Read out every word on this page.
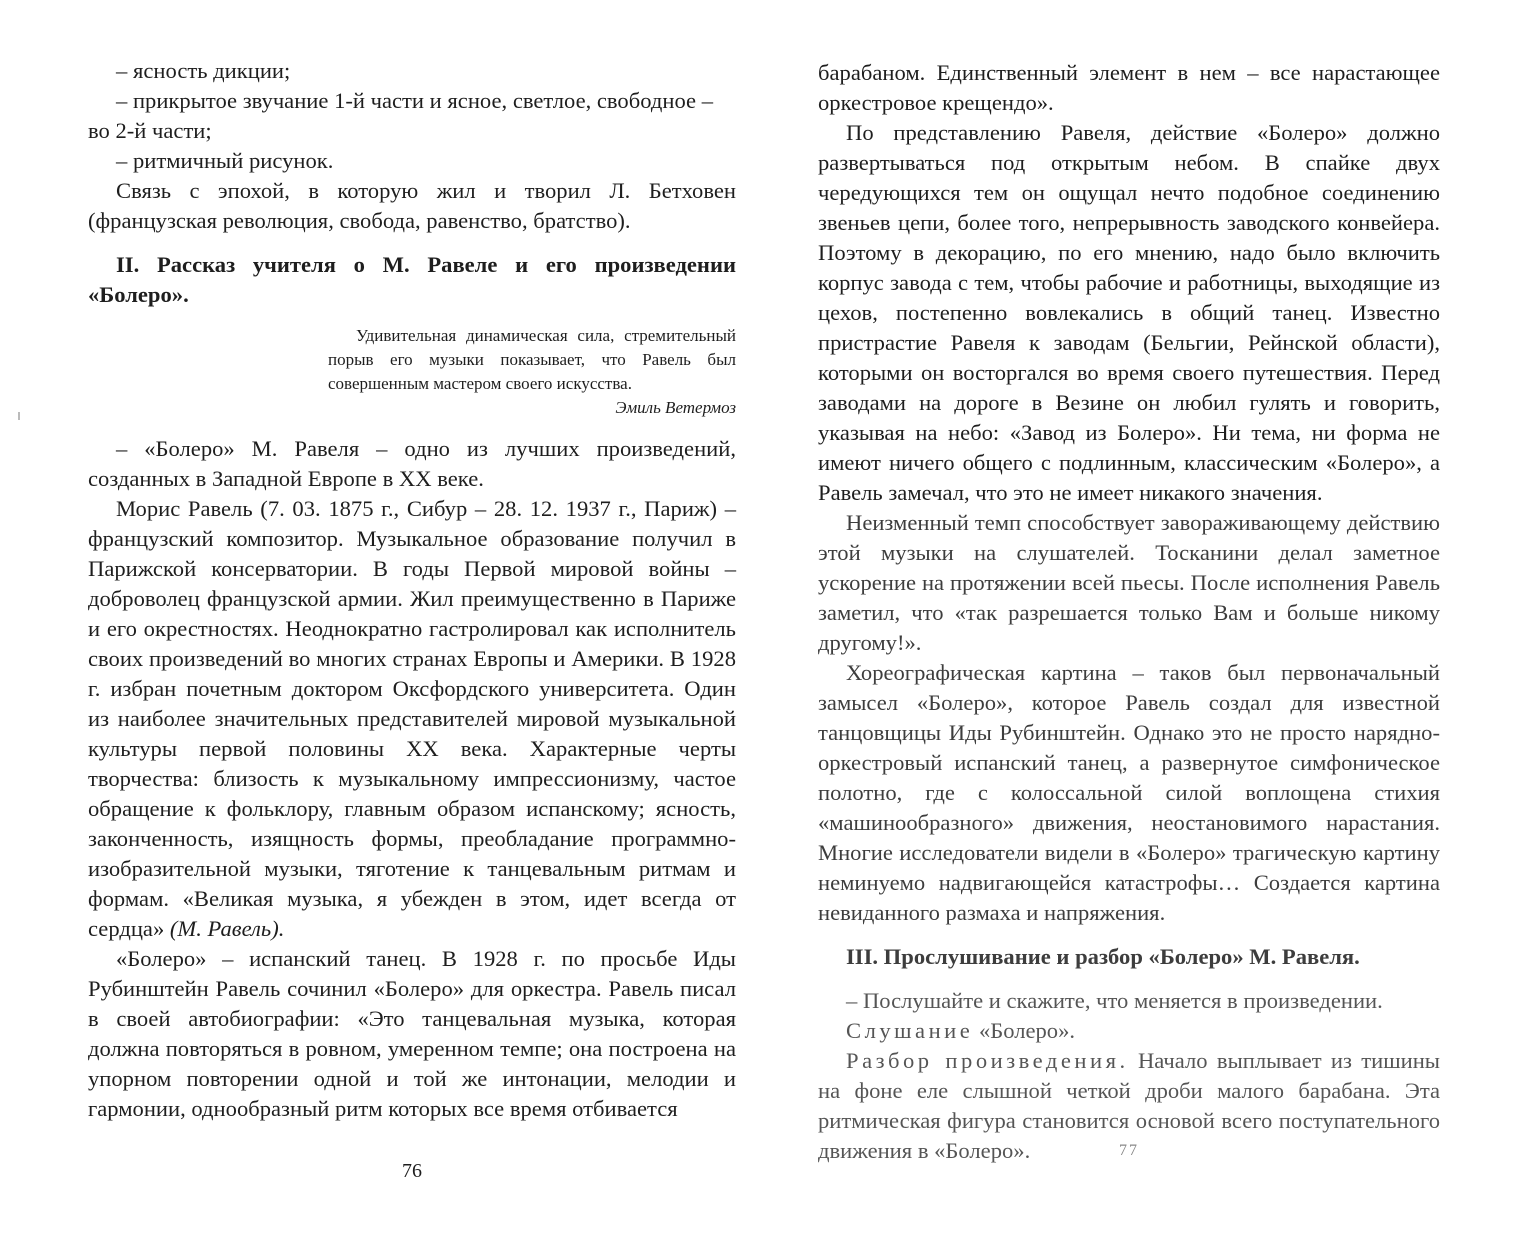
– ясность дикции;

– прикрытое звучание 1-й части и ясное, светлое, свободное –

во 2-й части;

– ритмичный рисунок.

Связь с эпохой, в которую жил и творил Л. Бетховен (французская революция, свобода, равенство, братство).

II. Рассказ учителя о М. Равеле и его произведении «Болеро».

Удивительная динамическая сила, стремительный порыв его музыки показывает, что Равель был совершенным мастером своего искусства.

Эмиль Ветермоз

– «Болеро» М. Равеля – одно из лучших произведений, созданных в Западной Европе в XX веке.

Морис Равель (7. 03. 1875 г., Сибур – 28. 12. 1937 г., Париж) – французский композитор. Музыкальное образование получил в Парижской консерватории. В годы Первой мировой войны – доброволец французской армии. Жил преимущественно в Париже и его окрестностях. Неоднократно гастролировал как исполнитель своих произведений во многих странах Европы и Америки. В 1928 г. избран почетным доктором Оксфордского университета. Один из наиболее значительных представителей мировой музыкальной культуры первой половины XX века. Характерные черты творчества: близость к музыкальному импрессионизму, частое обращение к фольклору, главным образом испанскому; ясность, законченность, изящность формы, преобладание программно-изобразительной музыки, тяготение к танцевальным ритмам и формам. «Великая музыка, я убежден в этом, идет всегда от сердца» (М. Равель).

«Болеро» – испанский танец. В 1928 г. по просьбе Иды Рубинштейн Равель сочинил «Болеро» для оркестра. Равель писал в своей автобиографии: «Это танцевальная музыка, которая должна повторяться в ровном, умеренном темпе; она построена на упорном повторении одной и той же интонации, мелодии и гармонии, однообразный ритм которых все время отбивается

76

барабаном. Единственный элемент в нем – все нарастающее оркестровое крещендо».

По представлению Равеля, действие «Болеро» должно развертываться под открытым небом. В спайке двух чередующихся тем он ощущал нечто подобное соединению звеньев цепи, более того, непрерывность заводского конвейера. Поэтому в декорацию, по его мнению, надо было включить корпус завода с тем, чтобы рабочие и работницы, выходящие из цехов, постепенно вовлекались в общий танец. Известно пристрастие Равеля к заводам (Бельгии, Рейнской области), которыми он восторгался во время своего путешествия. Перед заводами на дороге в Везине он любил гулять и говорить, указывая на небо: «Завод из Болеро». Ни тема, ни форма не имеют ничего общего с подлинным, классическим «Болеро», а Равель замечал, что это не имеет никакого значения.

Неизменный темп способствует завораживающему действию этой музыки на слушателей. Тосканини делал заметное ускорение на протяжении всей пьесы. После исполнения Равель заметил, что «так разрешается только Вам и больше никому другому!».

Хореографическая картина – таков был первоначальный замысел «Болеро», которое Равель создал для известной танцовщицы Иды Рубинштейн. Однако это не просто нарядно-оркестровый испанский танец, а развернутое симфоническое полотно, где с колоссальной силой воплощена стихия «машинообразного» движения, неостановимого нарастания. Многие исследователи видели в «Болеро» трагическую картину неминуемо надвигающейся катастрофы… Создается картина невиданного размаха и напряжения.

III. Прослушивание и разбор «Болеро» М. Равеля.

– Послушайте и скажите, что меняется в произведении.

Слушание «Болеро».

Разбор произведения. Начало выплывает из тишины на фоне еле слышной четкой дроби малого барабана. Эта ритмическая фигура становится основой всего поступательного движения в «Болеро».	77
